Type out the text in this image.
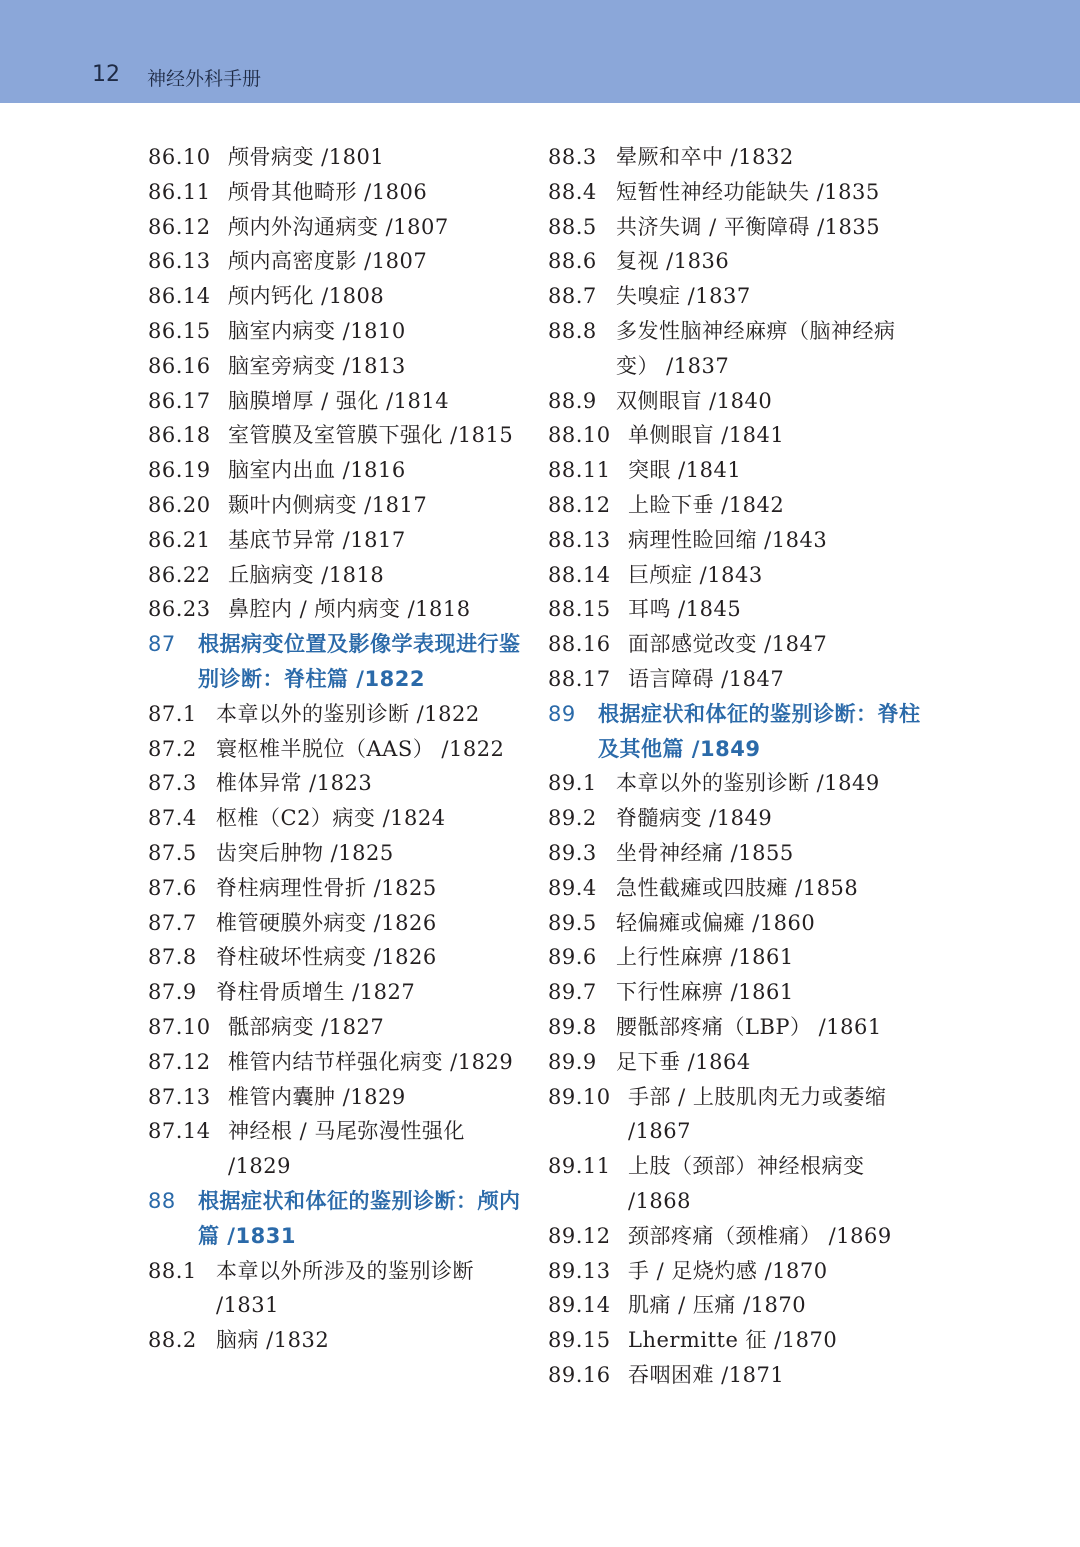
12 神经外科手册
86.10 颅骨病变 /1801
86.11 颅骨其他畸形 /1806
86.12 颅内外沟通病变 /1807
86.13 颅内高密度影 /1807
86.14 颅内钙化 /1808
86.15 脑室内病变 /1810
86.16 脑室旁病变 /1813
86.17 脑膜增厚 / 强化 /1814
86.18 室管膜及室管膜下强化 /1815
86.19 脑室内出血 /1816
86.20 颞叶内侧病变 /1817
86.21 基底节异常 /1817
86.22 丘脑病变 /1818
86.23 鼻腔内 / 颅内病变 /1818
87	根据病变位置及影像学表现进行鉴别诊断：脊柱篇 /1822
87.1 本章以外的鉴别诊断 /1822
87.2 寰枢椎半脱位（AAS） /1822
87.3 椎体异常 /1823
87.4 枢椎（C2）病变 /1824
87.5 齿突后肿物 /1825
87.6 脊柱病理性骨折 /1825
87.7 椎管硬膜外病变 /1826
87.8 脊柱破坏性病变 /1826
87.9 脊柱骨质增生 /1827
87.10 骶部病变 /1827
87.12 椎管内结节样强化病变 /1829
87.13 椎管内囊肿 /1829
87.14 神经根 / 马尾弥漫性强化 /1829
88	根据症状和体征的鉴别诊断：颅内篇 /1831
88.1 本章以外所涉及的鉴别诊断 /1831
88.2 脑病 /1832
88.3 晕厥和卒中 /1832
88.4 短暂性神经功能缺失 /1835
88.5 共济失调 / 平衡障碍 /1835
88.6 复视 /1836
88.7 失嗅症 /1837
88.8 多发性脑神经麻痹（脑神经病变） /1837
88.9 双侧眼盲 /1840
88.10 单侧眼盲 /1841
88.11 突眼 /1841
88.12 上睑下垂 /1842
88.13 病理性睑回缩 /1843
88.14 巨颅症 /1843
88.15 耳鸣 /1845
88.16 面部感觉改变 /1847
88.17 语言障碍 /1847
89	根据症状和体征的鉴别诊断：脊柱及其他篇 /1849
89.1 本章以外的鉴别诊断 /1849
89.2 脊髓病变 /1849
89.3 坐骨神经痛 /1855
89.4 急性截瘫或四肢瘫 /1858
89.5 轻偏瘫或偏瘫 /1860
89.6 上行性麻痹 /1861
89.7 下行性麻痹 /1861
89.8 腰骶部疼痛（LBP） /1861
89.9 足下垂 /1864
89.10 手部 / 上肢肌肉无力或萎缩 /1867
89.11 上肢（颈部）神经根病变 /1868
89.12 颈部疼痛（颈椎痛） /1869
89.13 手 / 足烧灼感 /1870
89.14 肌痛 / 压痛 /1870
89.15 Lhermitte 征 /1870
89.16 吞咽困难 /1871
